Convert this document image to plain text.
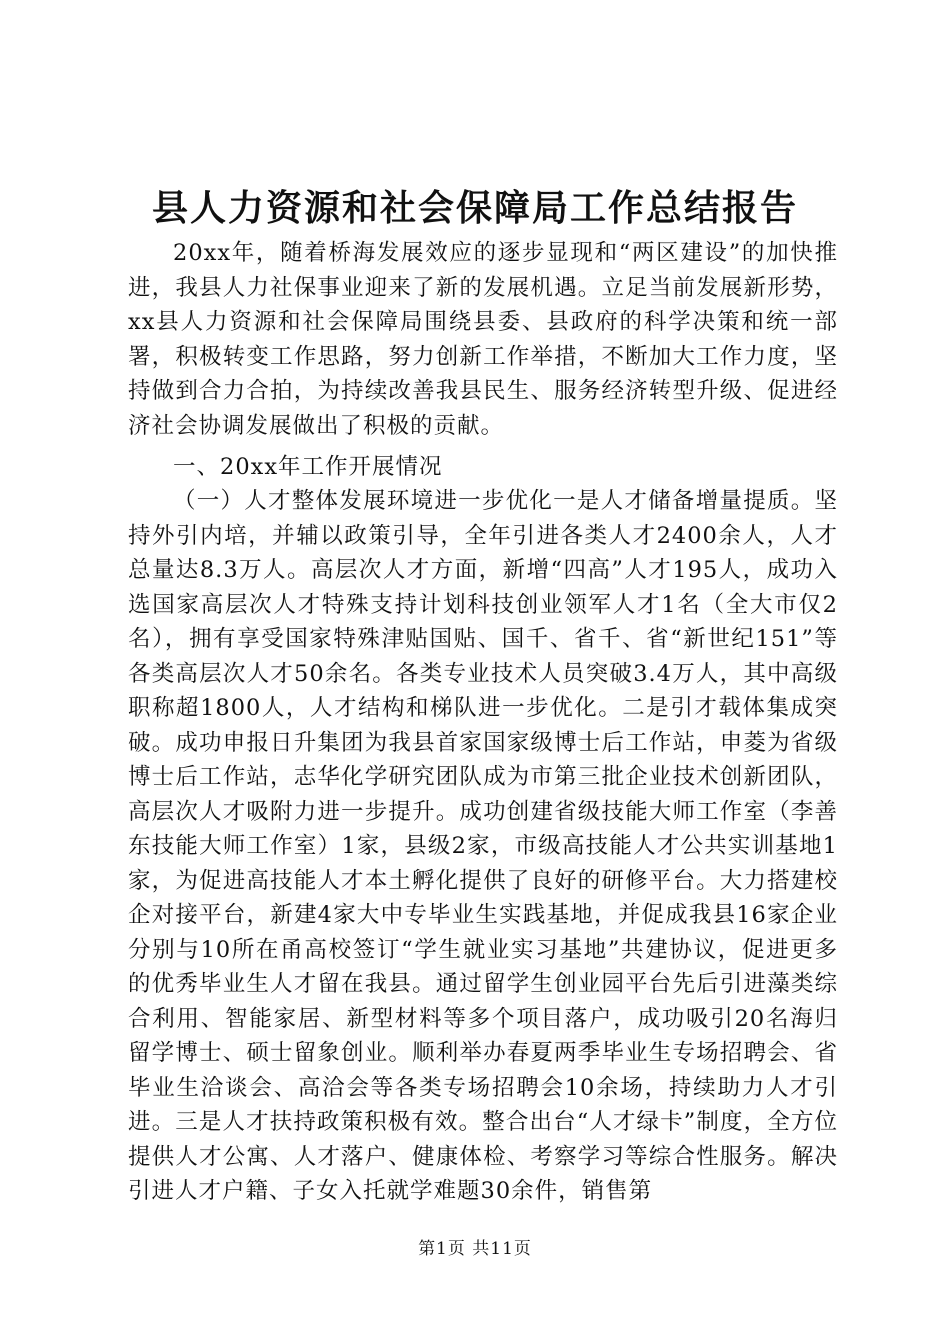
县人力资源和社会保障局工作总结报告

20xx年，随着桥海发展效应的逐步显现和“两区建设”的加快推进，我县人力社保事业迎来了新的发展机遇。立足当前发展新形势，xx县人力资源和社会保障局围绕县委、县政府的科学决策和统一部署，积极转变工作思路，努力创新工作举措，不断加大工作力度，坚持做到合力合拍，为持续改善我县民生、服务经济转型升级、促进经济社会协调发展做出了积极的贡献。

一、20xx年工作开展情况

（一）人才整体发展环境进一步优化一是人才储备增量提质。坚持外引内培，并辅以政策引导，全年引进各类人才2400余人，人才总量达8.3万人。高层次人才方面，新增“四高”人才195人，成功入选国家高层次人才特殊支持计划科技创业领军人才1名（全大市仅2名），拥有享受国家特殊津贴国贴、国千、省千、省“新世纪151”等各类高层次人才50余名。各类专业技术人员突破3.4万人，其中高级职称超1800人，人才结构和梯队进一步优化。二是引才载体集成突破。成功申报日升集团为我县首家国家级博士后工作站，申菱为省级博士后工作站，志华化学研究团队成为市第三批企业技术创新团队，高层次人才吸附力进一步提升。成功创建省级技能大师工作室（李善东技能大师工作室）1家，县级2家，市级高技能人才公共实训基地1家，为促进高技能人才本土孵化提供了良好的研修平台。大力搭建校企对接平台，新建4家大中专毕业生实践基地，并促成我县16家企业分别与10所在甬高校签订“学生就业实习基地”共建协议，促进更多的优秀毕业生人才留在我县。通过留学生创业园平台先后引进藻类综合利用、智能家居、新型材料等多个项目落户，成功吸引20名海归留学博士、硕士留象创业。顺利举办春夏两季毕业生专场招聘会、省毕业生洽谈会、高洽会等各类专场招聘会10余场，持续助力人才引进。三是人才扶持政策积极有效。整合出台“人才绿卡”制度，全方位提供人才公寓、人才落户、健康体检、考察学习等综合性服务。解决引进人才户籍、子女入托就学难题30余件，销售第

第1页 共11页
